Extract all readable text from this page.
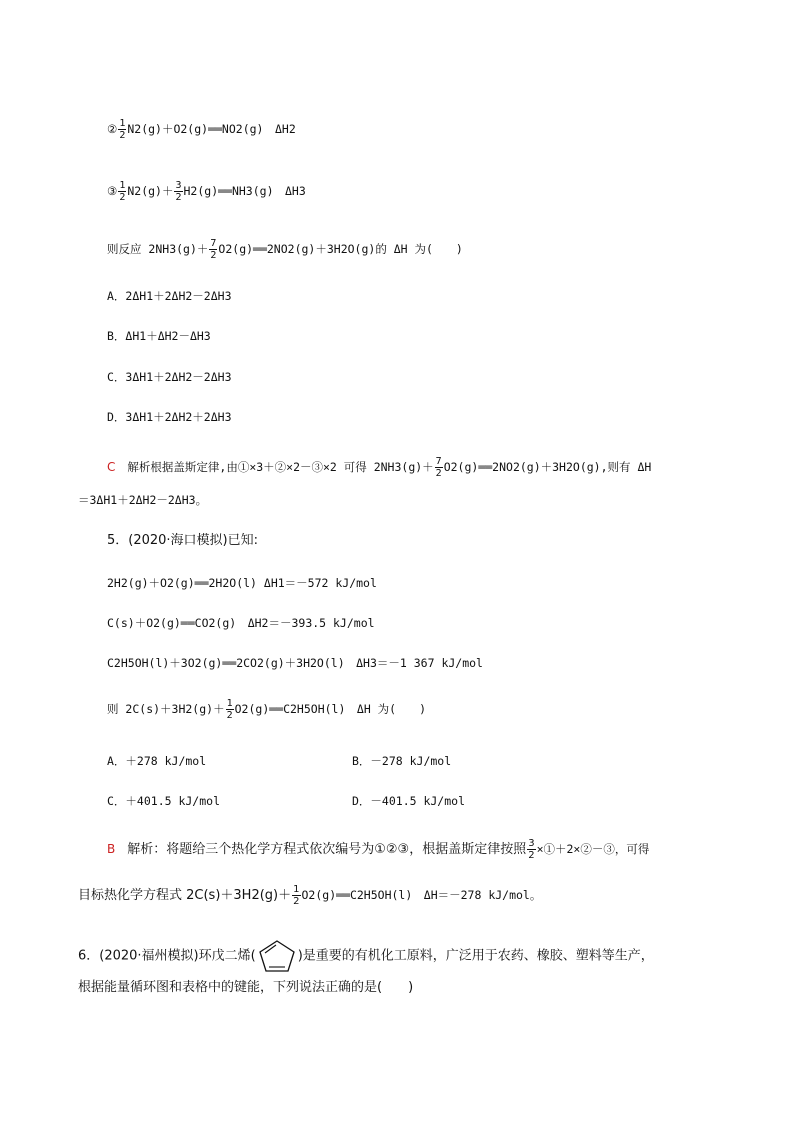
② $\frac{1}{2}$ N2(g)＋O2(g)══NO2(g)　ΔH2
③ $\frac{1}{2} N2(g)+ \frac{3}{2}$ H2(g)══NH3(g)　ΔH3
则反应 $2NH3(g)+ \frac{7}{2}$ O2(g)══2NO2(g)＋3H2O(g)的 ΔH 为(　　)
A．2ΔH1＋2ΔH2－2ΔH3
B．ΔH1＋ΔH2－ΔH3
C．3ΔH1＋2ΔH2－2ΔH3
D．3ΔH1＋2ΔH2＋2ΔH3
C 解析根据盖斯定律,由①×3＋②×2－③×2 可得 $2NH3(g)+ \frac{7}{2}$ O2(g)══2NO2(g)＋3H2O(g),则有 ΔH
＝3ΔH1＋2ΔH2－2ΔH3。
5．(2020·海口模拟)已知:
2H2(g)＋O2(g)══2H2O(l) ΔH1＝－572 kJ/mol
C(s)＋O2(g)══CO2(g)　ΔH2＝－393.5 kJ/mol
C2H5OH(l)＋3O2(g)══2CO2(g)＋3H2O(l)　ΔH3＝－1 367 kJ/mol
则 $2C(s)+3H2(g)+ \frac{1}{2}$ O2(g)══C2H5OH(l)　ΔH 为(　　)
A．＋278 kJ/mol	B．－278 kJ/mol
C．＋401.5 kJ/mol	D．－401.5 kJ/mol
B 解析：将题给三个热化学方程式依次编号为①②③，根据盖斯定律按照 $\frac{3}{2}$ ×①＋2×②－③，可得
目标热化学方程式 $2C(s)+3H2(g)+ \frac{1}{2}$ O2(g)══C2H5OH(l)　ΔH＝－278 kJ/mol。
6．(2020·福州模拟)环戊二烯(	)是重要的有机化工原料，广泛用于农药、橡胶、塑料等生产，
根据能量循环图和表格中的键能，下列说法正确的是(　　)
